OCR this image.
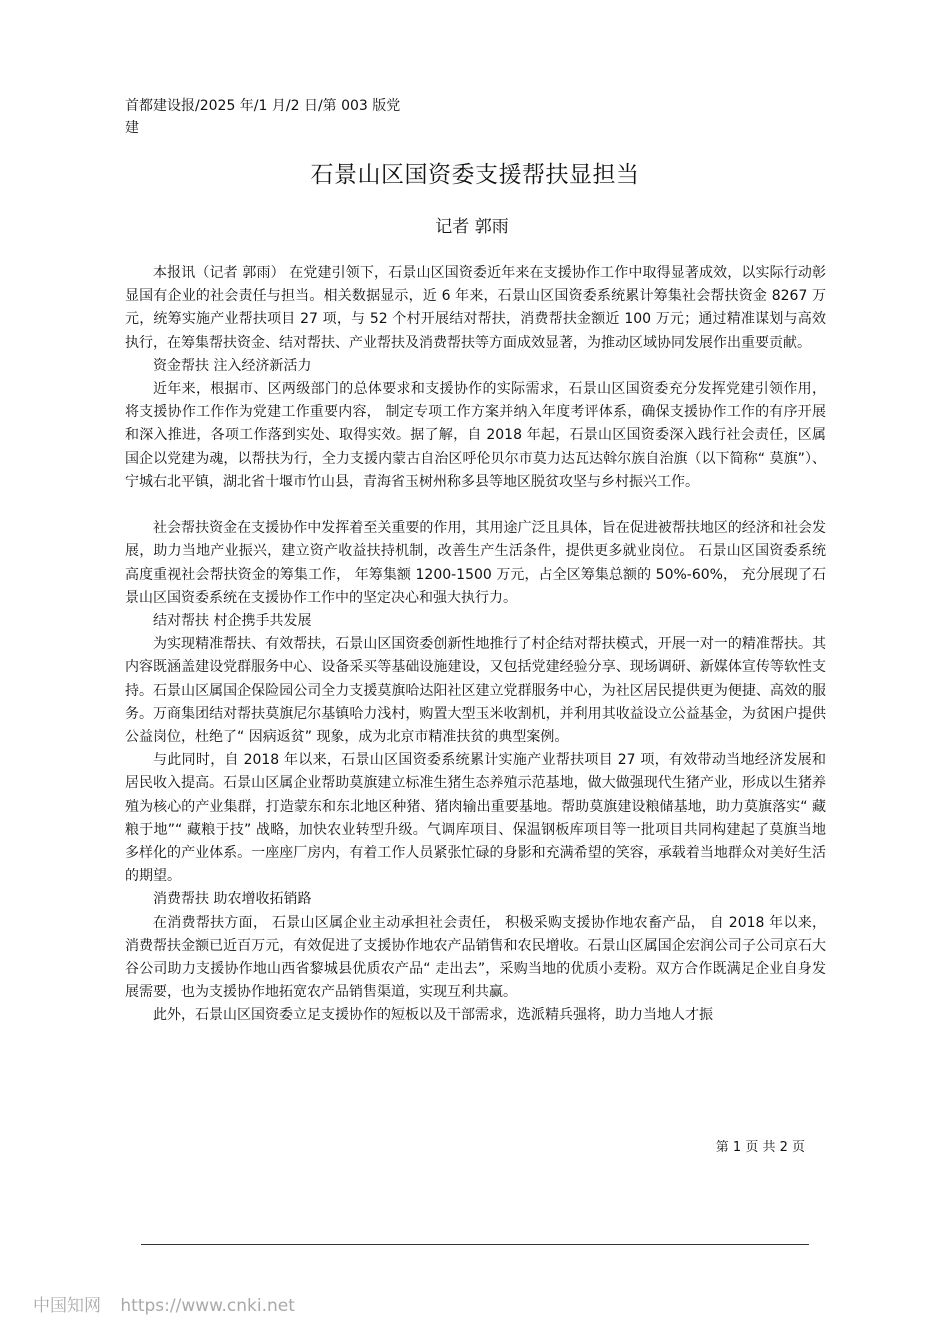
首都建设报/2025 年/1 月/2 日/第 003 版党建
石景山区国资委支援帮扶显担当
记者 郭雨

本报讯（记者 郭雨） 在党建引领下，石景山区国资委近年来在支援协作工作中取得显著成效，以实际行动彰显国有企业的社会责任与担当。相关数据显示，近 6 年来，石景山区国资委系统累计筹集社会帮扶资金 8267 万元，统筹实施产业帮扶项目 27 项，与 52 个村开展结对帮扶，消费帮扶金额近 100 万元；通过精准谋划与高效执行，在筹集帮扶资金、结对帮扶、产业帮扶及消费帮扶等方面成效显著，为推动区域协同发展作出重要贡献。

资金帮扶 注入经济新活力

近年来，根据市、区两级部门的总体要求和支援协作的实际需求，石景山区国资委充分发挥党建引领作用， 将支援协作工作作为党建工作重要内容， 制定专项工作方案并纳入年度考评体系，确保支援协作工作的有序开展和深入推进，各项工作落到实处、取得实效。据了解，自 2018 年起，石景山区国资委深入践行社会责任，区属国企以党建为魂，以帮扶为行，全力支援内蒙古自治区呼伦贝尔市莫力达瓦达斡尔族自治旗（以下简称“ 莫旗”）、宁城右北平镇，湖北省十堰市竹山县，青海省玉树州称多县等地区脱贫攻坚与乡村振兴工作。

社会帮扶资金在支援协作中发挥着至关重要的作用，其用途广泛且具体，旨在促进被帮扶地区的经济和社会发展，助力当地产业振兴，建立资产收益扶持机制，改善生产生活条件，提供更多就业岗位。 石景山区国资委系统高度重视社会帮扶资金的筹集工作， 年筹集额 1200-1500 万元，占全区筹集总额的 50%-60%， 充分展现了石景山区国资委系统在支援协作工作中的坚定决心和强大执行力。

结对帮扶 村企携手共发展

为实现精准帮扶、有效帮扶，石景山区国资委创新性地推行了村企结对帮扶模式，开展一对一的精准帮扶。其内容既涵盖建设党群服务中心、设备采买等基础设施建设，又包括党建经验分享、现场调研、新媒体宣传等软性支持。石景山区属国企保险园公司全力支援莫旗哈达阳社区建立党群服务中心，为社区居民提供更为便捷、高效的服务。万商集团结对帮扶莫旗尼尔基镇哈力浅村，购置大型玉米收割机，并利用其收益设立公益基金，为贫困户提供公益岗位，杜绝了“ 因病返贫” 现象，成为北京市精准扶贫的典型案例。

与此同时，自 2018 年以来，石景山区国资委系统累计实施产业帮扶项目 27 项，有效带动当地经济发展和居民收入提高。石景山区属企业帮助莫旗建立标准生猪生态养殖示范基地，做大做强现代生猪产业，形成以生猪养殖为核心的产业集群，打造蒙东和东北地区种猪、猪肉输出重要基地。帮助莫旗建设粮储基地，助力莫旗落实“ 藏粮于地”“ 藏粮于技” 战略，加快农业转型升级。气调库项目、保温钢板库项目等一批项目共同构建起了莫旗当地多样化的产业体系。一座座厂房内，有着工作人员紧张忙碌的身影和充满希望的笑容，承载着当地群众对美好生活的期望。

消费帮扶 助农增收拓销路

在消费帮扶方面， 石景山区属企业主动承担社会责任， 积极采购支援协作地农畜产品， 自 2018 年以来，消费帮扶金额已近百万元，有效促进了支援协作地农产品销售和农民增收。石景山区属国企宏润公司子公司京石大谷公司助力支援协作地山西省黎城县优质农产品“ 走出去”，采购当地的优质小麦粉。双方合作既满足企业自身发展需要，也为支援协作地拓宽农产品销售渠道，实现互利共赢。

此外，石景山区国资委立足支援协作的短板以及干部需求，选派精兵强将，助力当地人才振

第 1 页 共 2 页
中国知网 https://www.cnki.net
